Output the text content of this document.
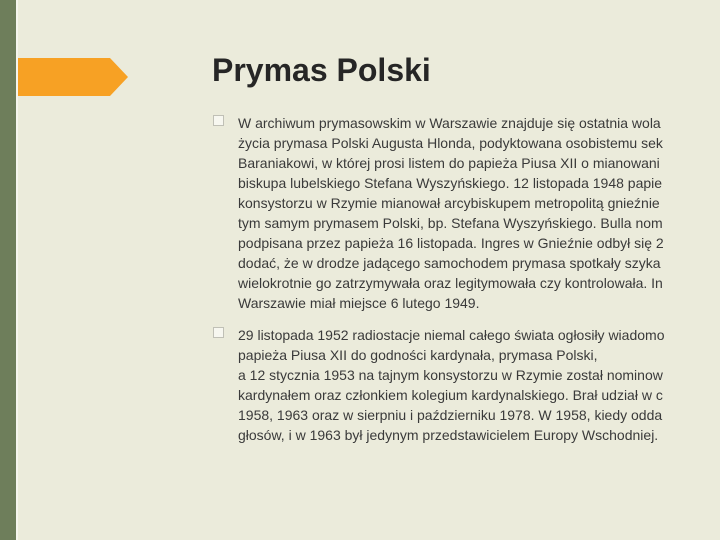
Prymas Polski
W archiwum prymasowskim w Warszawie znajduje się ostatnia wola
życia prymasa Polski Augusta Hlonda, podyktowana osobistemu sek
Baraniakowi, w której prosi listem do papieża Piusa XII o mianowani
biskupa lubelskiego Stefana Wyszyńskiego. 12 listopada 1948 papie
konsystorzu w Rzymie mianował arcybiskupem metropolitą gnieźnie
tym samym prymasem Polski, bp. Stefana Wyszyńskiego. Bulla nom
podpisana przez papieża 16 listopada. Ingres w Gnieźnie odbył się 2
dodać, że w drodze jadącego samochodem prymasa spotkały szyka
wielokrotnie go zatrzymywała oraz legitymowała czy kontrolowała. In
Warszawie miał miejsce 6 lutego 1949.
29 listopada 1952 radiostacje niemal całego świata ogłosiły wiadomo
papieża Piusa XII do godności kardynała, prymasa Polski,
a 12 stycznia 1953 na tajnym konsystorzu w Rzymie został nominow
kardynałem oraz członkiem kolegium kardynalskiego. Brał udział w c
1958, 1963 oraz w sierpniu i październiku 1978. W 1958, kiedy odda
głosów, i w 1963 był jedynym przedstawicielem Europy Wschodniej.
